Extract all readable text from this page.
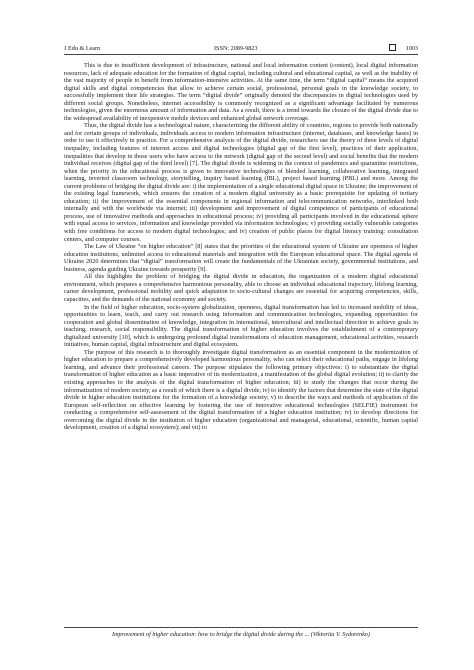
J Edu & Learn	ISSN: 2089-9823	1003

This is due to insufficient development of infrastructure, national and local information content (content), local digital information resources, lack of adequate education for the formation of digital capital, including cultural and educational capital, as well as the inability of the vast majority of people to benefit from information-intensive activities. At the same time, the term “digital capital” means the acquired digital skills and digital competencies that allow to achieve certain social, professional, personal goals in the knowledge society, to successfully implement their life strategies. The term “digital divide” originally denoted the discrepancies in digital technologies used by different social groups. Nonetheless, internet accessibility is commonly recognized as a significant advantage facilitated by numerous technologies, given the enormous amount of information and data. As a result, there is a trend towards the closure of the digital divide due to the widespread availability of inexpensive mobile devices and enhanced global network coverage.

Thus, the digital divide has a technological nature, characterizing the different ability of countries, regions to provide both nationally and for certain groups of individuals, individuals access to modern information infrastructure (internet, databases, and knowledge bases) in order to use it effectively in practice. For a comprehensive analysis of the digital divide, researchers use the theory of three levels of digital inequality, including features of internet access and digital technologies (digital gap of the first level), practices of their application, inequalities that develop in those users who have access to the network (digital gap of the second level) and social benefits that the modern individual receives (digital gap of the third level) [7]. The digital divide is widening in the context of pandemics and quarantine restrictions, when the priority in the educational process is given to innovative technologies of blended learning, collaborative learning, integrated learning, inverted classroom technology, storytelling, inquiry based learning (IBL), project based learning (PBL) and more. Among the current problems of bridging the digital divide are: i) the implementation of a single educational digital space in Ukraine; the improvement of the existing legal framework, which ensures the creation of a modern digital university as a basic prerequisite for updating of tertiary education; ii) the improvement of the essential components in regional information and telecommunication networks, interlinked both internally and with the worldwide via internet; iii) development and improvement of digital competence of participants of educational process, use of innovative methods and approaches in educational process; iv) providing all participants involved in the educational sphere with equal access to services, information and knowledge provided via information technologies; v) providing socially vulnerable categories with free conditions for access to modern digital technologies; and iv) creation of public places for digital literacy training: consultation centers, and computer courses.

The Law of Ukraine “on higher education” [8] states that the priorities of the educational system of Ukraine are openness of higher education institutions, unlimited access to educational materials and integration with the European educational space. The digital agenda of Ukraine 2020 determines that “digital” transformation will create the fundamentals of the Ukrainian society, governmental institutions, and business, agenda guiding Ukraine towards prosperity [9].

All this highlights the problem of bridging the digital divide in education, the organization of a modern digital educational environment, which prepares a comprehensive harmonious personality, able to choose an individual educational trajectory, lifelong learning, career development, professional mobility and quick adaptation to socio-cultural changes are essential for acquiring competencies, skills, capacities, and the demands of the national economy and society.

In the field of higher education, socio-system globalization, openness, digital transformation has led to increased mobility of ideas, opportunities to learn, teach, and carry out research using information and communication technologies, expanding opportunities for cooperation and global dissemination of knowledge, integration in international, intercultural and intellectual direction to achieve goals in teaching, research, social responsibility. The digital transformation of higher education involves the establishment of a contemporary digitalized university [10], which is undergoing profound digital transformations of education management, educational activities, research initiatives, human capital, digital infrastructure and digital ecosystem.

The purpose of this research is to thoroughly investigate digital transformation as an essential component in the modernization of higher education to prepare a comprehensively developed harmonious personality, who can select their educational paths, engage in lifelong learning, and advance their professional careers. The purpose stipulates the following primary objectives: i) to substantiate the digital transformation of higher education as a basic imperative of its modernization, a manifestation of the global digital evolution; ii) to clarify the existing approaches to the analysis of the digital transformation of higher education; iii) to study the changes that occur during the informatization of modern society, as a result of which there is a digital divide; iv) to identify the factors that determine the state of the digital divide in higher education institutions for the formation of a knowledge society; v) to describe the ways and methods of application of the European self-reflection on effective learning by fostering the use of innovative educational technologies (SELFIE) instrument for conducting a comprehensive self-assessment of the digital transformation of a higher education institution; iv) to develop directions for overcoming the digital divide in the institution of higher education (organizational and managerial, educational, scientific, human capital development, creation of a digital ecosystem); and vii) to

Improvement of higher education: how to bridge the digital divide during the ... (Viktoriia V. Sydorenko)
